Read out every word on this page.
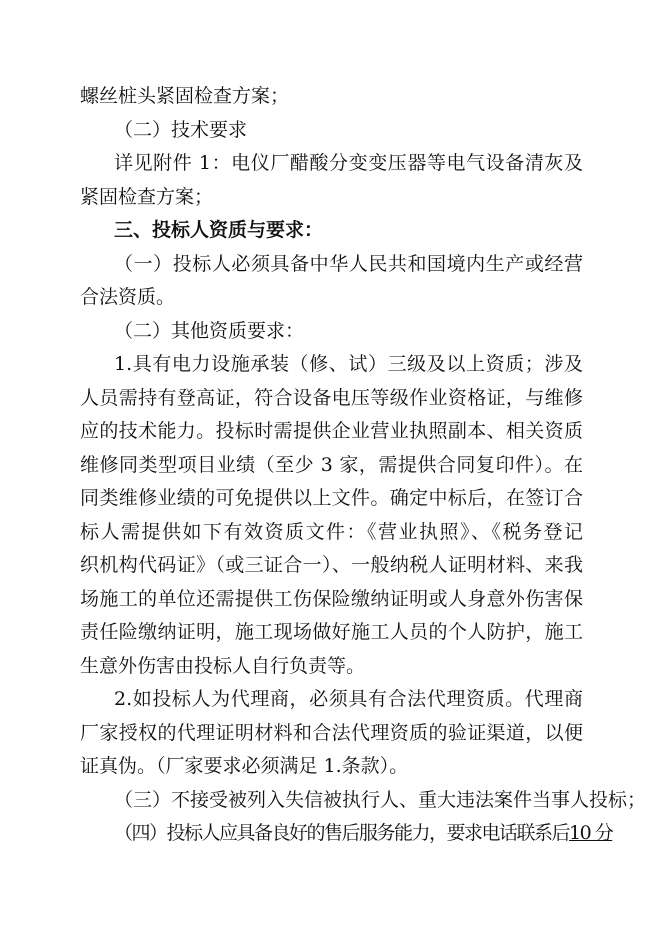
螺丝桩头紧固检查方案；
（二）技术要求
详见附件 1：电仪厂醋酸分变变压器等电气设备清灰及
紧固检查方案；
三、投标人资质与要求：
（一）投标人必须具备中华人民共和国境内生产或经营
合法资质。
（二）其他资质要求：
1.具有电力设施承装（修、试）三级及以上资质；涉及
人员需持有登高证，符合设备电压等级作业资格证，与维修
应的技术能力。投标时需提供企业营业执照副本、相关资质
维修同类型项目业绩（至少 3 家，需提供合同复印件）。在
同类维修业绩的可免提供以上文件。确定中标后，在签订合
标人需提供如下有效资质文件：《营业执照》、《税务登记
织机构代码证》（或三证合一）、一般纳税人证明材料、来我
场施工的单位还需提供工伤保险缴纳证明或人身意外伤害保
责任险缴纳证明，施工现场做好施工人员的个人防护，施工
生意外伤害由投标人自行负责等。
2.如投标人为代理商，必须具有合法代理资质。代理商
厂家授权的代理证明材料和合法代理资质的验证渠道，以便
证真伪。（厂家要求必须满足 1.条款）。
（三）不接受被列入失信被执行人、重大违法案件当事人投标；
（四）投标人应具备良好的售后服务能力，要求电话联系后10 分
